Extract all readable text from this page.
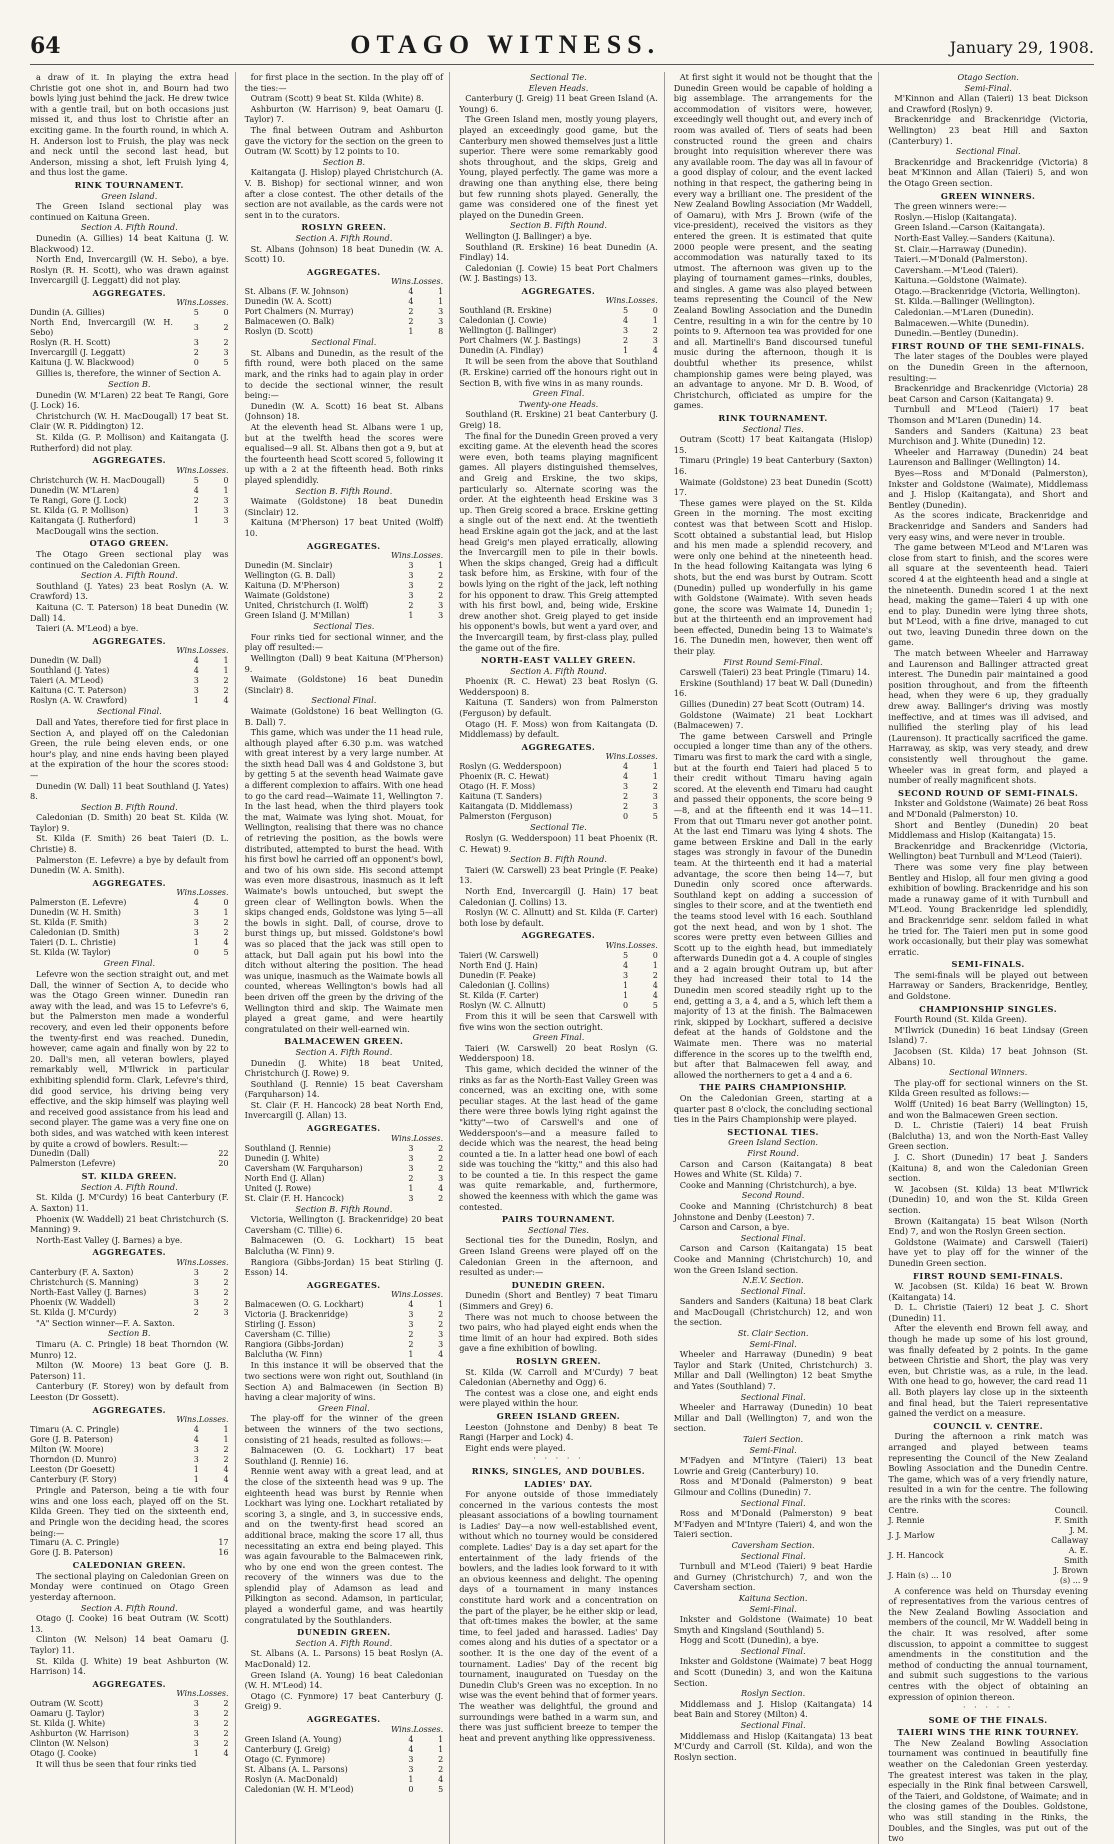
64	OTAGO WITNESS.	January 29, 1908.

a draw of it. In playing the extra head Christie got one shot in, and Bourn had two bowls lying just behind the jack. He drew twice with a gentle trail, but on both occasions just missed it, and thus lost to Christie after an exciting game. In the fourth round, in which A. H. Anderson lost to Fruish, the play was neck and neck until the second last head, but Anderson, missing a shot, left Fruish lying 4, and thus lost the game.

RINK TOURNAMENT.

Green Island.

The Green Island sectional play was continued on Kaituna Green.

Section A. Fifth Round.

Dunedin (A. Gillies) 14 beat Kaituna (J. W. Blackwood) 12.

North End, Invercargill (W. H. Sebo), a bye. Roslyn (R. H. Scott), who was drawn against Invercargill (J. Leggatt) did not play.

AGGREGATES.

	Wins.	Losses.
Dundin (A. Gillies)	5	0
North End, Invercargill (W. H. Sebo)	3	2
Roslyn (R. H. Scott)	3	2
Invercargill (J. Leggatt)	2	3
Kaituna (J. W. Blackwood)	0	5

Gillies is, therefore, the winner of Section A.

Section B.

Dunedin (W. M'Laren) 22 beat Te Rangi, Gore (J. Lock) 16.

Christchurch (W. H. MacDougall) 17 beat St. Clair (W. R. Piddington) 12.

St. Kilda (G. P. Mollison) and Kaitangata (J. Rutherford) did not play.

AGGREGATES.

	Wins.	Losses.
Christchurch (W. H. MacDougall)	5	0
Dunedin (W. M'Laren)	4	1
Te Rangi, Gore (J. Lock)	2	3
St. Kilda (G. P. Mollison)	1	3
Kaitangata (J. Rutherford)	1	3

MacDougall wins the section.

OTAGO GREEN.

The Otago Green sectional play was continued on the Caledonian Green.

Section A. Fifth Round.

Southland (J. Yates) 23 beat Roslyn (A. W. Crawford) 13.

Kaituna (C. T. Paterson) 18 beat Dunedin (W. Dall) 14.

Taieri (A. M'Leod) a bye.

AGGREGATES.

	Wins.	Losses.
Dunedin (W. Dall)	4	1
Southland (J. Yates)	4	1
Taieri (A. M'Leod)	3	2
Kaituna (C. T. Paterson)	3	2
Roslyn (A. W. Crawford)	1	4

Sectional Final.

Dall and Yates, therefore tied for first place in Section A, and played off on the Caledonian Green, the rule being eleven ends, or one hour's play, and nine ends having been played at the expiration of the hour the scores stood:—

Dunedin (W. Dall) 11 beat Southland (J. Yates) 8.

Section B. Fifth Round.

Caledonian (D. Smith) 20 beat St. Kilda (W. Taylor) 9.

St. Kilda (F. Smith) 26 beat Taieri (D. L. Christie) 8.

Palmerston (E. Lefevre) a bye by default from Dunedin (W. A. Smith).

AGGREGATES.

	Wins.	Losses.
Palmerston (E. Lefevre)	4	0
Dunedin (W. H. Smith)	3	1
St. Kilda (F. Smith)	3	2
Caledonian (D. Smith)	3	2
Taieri (D. L. Christie)	1	4
St. Kilda (W. Taylor)	0	5

Green Final.

Lefevre won the section straight out, and met Dall, the winner of Section A, to decide who was the Otago Green winner. Dunedin ran away with the lead, and was 15 to Lefevre's 6, but the Palmerston men made a wonderful recovery, and even led their opponents before the twenty-first end was reached. Dunedin, however, came again and finally won by 22 to 20. Dall's men, all veteran bowlers, played remarkably well, M'Ilwrick in particular exhibiting splendid form. Clark, Lefevre's third, did good service, his driving being very effective, and the skip himself was playing well and received good assistance from his lead and second player. The game was a very fine one on both sides, and was watched with keen interest by quite a crowd of bowlers. Result:—

Dunedin (Dall)		22
Palmerston (Lefevre)		20

ST. KILDA GREEN.

Section A. Fifth Round.

St. Kilda (J. M'Curdy) 16 beat Canterbury (F. A. Saxton) 11.

Phoenix (W. Waddell) 21 beat Christchurch (S. Manning) 9.

North-East Valley (J. Barnes) a bye.

AGGREGATES.

	Wins.	Losses.
Canterbury (F. A. Saxton)	3	2
Christchurch (S. Manning)	3	2
North-East Valley (J. Barnes)	3	2
Phoenix (W. Waddell)	3	2
St. Kilda (J. M'Curdy)	2	3

"A" Section winner—F. A. Saxton.

Section B.

Timaru (A. C. Pringle) 18 beat Thorndon (W. Munro) 12.

Milton (W. Moore) 13 beat Gore (J. B. Paterson) 11.

Canterbury (F. Storey) won by default from Leeston (Dr Gossett).

AGGREGATES.

	Wins.	Losses.
Timaru (A. C. Pringle)	4	1
Gore (J. B. Paterson)	4	1
Milton (W. Moore)	3	2
Thorndon (D. Munro)	3	2
Leeston (Dr Goesett)	1	4
Canterbury (F. Story)	1	4

Pringle and Paterson, being a tie with four wins and one loss each, played off on the St. Kilda Green. They tied on the sixteenth end, and Pringle won the deciding head, the scores being:—

Timaru (A. C. Pringle)		17
Gore (J. B. Paterson)		16

CALEDONIAN GREEN.

The sectional playing on Caledonian Green on Monday were continued on Otago Green yesterday afternoon.

Section A. Fifth Round.

Otago (J. Cooke) 16 beat Outram (W. Scott) 13.

Clinton (W. Nelson) 14 beat Oamaru (J. Taylor) 11.

St. Kilda (J. White) 19 beat Ashburton (W. Harrison) 14.

AGGREGATES.

	Wins.	Losses.
Outram (W. Scott)	3	2
Oamaru (J. Taylor)	3	2
St. Kilda (J. White)	3	2
Ashburton (W. Harrison)	3	2
Clinton (W. Nelson)	3	2
Otago (J. Cooke)	1	4

It will thus be seen that four rinks tied

for first place in the section. In the play off of the ties:—

Outram (Scott) 9 beat St. Kilda (White) 8.

Ashburton (W. Harrison) 9, beat Oamaru (J. Taylor) 7.

The final between Outram and Ashburton gave the victory for the section on the green to Outram (W. Scott) by 12 points to 10.

Section B.

Kaitangata (J. Hislop) played Christchurch (A. V. B. Bishop) for sectional winner, and won after a close contest. The other details of the section are not available, as the cards were not sent in to the curators.

ROSLYN GREEN.

Section A. Fifth Round.

St. Albans (Johnson) 18 beat Dunedin (W. A. Scott) 10.

AGGREGATES.

	Wins.	Losses.
St. Albans (F. W. Johnson)	4	1
Dunedin (W. A. Scott)	4	1
Port Chalmers (N. Murray)	2	3
Balmacewen (O. Balk)	2	3
Roslyn (D. Scott)	1	8

Sectional Final.

St. Albans and Dunedin, as the result of the fifth round, were both placed on the same mark, and the rinks had to again play in order to decide the sectional winner, the result being:—

Dunedin (W. A. Scott) 16 beat St. Albans (Johnson) 18.

At the eleventh head St. Albans were 1 up, but at the twelfth head the scores were equalised—9 all. St. Albans then got a 9, but at the fourteenth head Scott scored 5, following it up with a 2 at the fifteenth head. Both rinks played splendidly.

Section B. Fifth Round.

Waimate (Goldstone) 18 beat Dunedin (Sinclair) 12.

Kaituna (M'Pherson) 17 beat United (Wolff) 10.

AGGREGATES.

	Wins.	Losses.
Dunedin (M. Sinclair)	3	1
Wellington (G. B. Dall)	3	2
Kaituna (D. M'Pherson)	3	2
Waimate (Goldstone)	3	2
United, Christchurch (I. Wolff)	2	3
Green Island (J. M'Millan)	1	3

Sectional Ties.

Four rinks tied for sectional winner, and the play off resulted:—

Wellington (Dall) 9 beat Kaituna (M'Pherson) 9.

Waimate (Goldstone) 16 beat Dunedin (Sinclair) 8.

Sectional Final.

Waimate (Goldstone) 16 beat Wellington (G. B. Dall) 7.

This game, which was under the 11 head rule, although played after 6.30 p.m. was watched with great interest by a very large number. At the sixth head Dall was 4 and Goldstone 3, but by getting 5 at the seventh head Waimate gave a different complexion to affairs. With one head to go the card read—Waimate 11, Wellington 7. In the last head, when the third players took the mat, Waimate was lying shot. Mouat, for Wellington, realising that there was no chance of retrieving the position, as the bowls were distributed, attempted to burst the head. With his first bowl he carried off an opponent's bowl, and two of his own side. His second attempt was even more disastrous, inasmuch as it left Waimate's bowls untouched, but swept the green clear of Wellington bowls. When the skips changed ends, Goldstone was lying 5—all the bowls in sight. Dall, of course, drove to burst things up, but missed. Goldstone's bowl was so placed that the jack was still open to attack, but Dall again put his bowl into the ditch without altering the position. The head was unique, inasmuch as the Waimate bowls all counted, whereas Wellington's bowls had all been driven off the green by the driving of the Wellington third and skip. The Waimate men played a great game, and were heartily congratulated on their well-earned win.

BALMACEWEN GREEN.

Section A. Fifth Round.

Dunedin (J. White) 18 beat United, Christchurch (J. Rowe) 9.

Southland (J. Rennie) 15 beat Caversham (Farquharson) 14.

St. Clair (F. H. Hancock) 28 beat North End, Invercargill (J. Allan) 13.

AGGREGATES.

	Wins.	Losses.
Southland (J. Rennie)	3	2
Dunedin (J. White)	3	2
Caversham (W. Farquharson)	3	2
North End (J. Allan)	2	3
United (J. Rowe)	1	4
St. Clair (F. H. Hancock)	3	2

Section B. Fifth Round.

Victoria, Wellington (J. Brackenridge) 20 beat Caversham (C. Tillie) 6.

Balmacewen (O. G. Lockhart) 15 beat Balclutha (W. Finn) 9.

Rangiora (Gibbs-Jordan) 15 beat Stirling (J. Esson) 14.

AGGREGATES.

	Wins.	Losses.
Balmacewen (O. G. Lockhart)	4	1
Victoria (J. Brackenridge)	3	2
Stirling (J. Esson)	3	2
Caversham (C. Tillie)	2	3
Rangiora (Gibbs-Jordan)	2	3
Balclutha (W. Finn)	1	4

In this instance it will be observed that the two sections were won right out, Southland (in Section A) and Balmacewen (in Section B) having a clear majority of wins.

Green Final.

The play-off for the winner of the green between the winners of the two sections, consisting of 21 heads, resulted as follows:—

Balmacewen (O. G. Lockhart) 17 beat Southland (J. Rennie) 16.

Rennie went away with a great lead, and at the close of the sixteenth head was 9 up. The eighteenth head was burst by Rennie when Lockhart was lying one. Lockhart retaliated by scoring 3, a single, and 3, in successive ends, and on the twenty-first head scored an additional brace, making the score 17 all, thus necessitating an extra end being played. This was again favourable to the Balmacewen rink, who by one end won the green contest. The recovery of the winners was due to the splendid play of Adamson as lead and Pilkington as second. Adamson, in particular, played a wonderful game, and was heartily congratulated by the Southlanders.

DUNEDIN GREEN.

Section A. Fifth Round.

St. Albans (A. L. Parsons) 15 beat Roslyn (A. MacDonald) 12.

Green Island (A. Young) 16 beat Caledonian (W. H. M'Leod) 14.

Otago (C. Fynmore) 17 beat Canterbury (J. Greig) 9.

AGGREGATES.

	Wins.	Losses.
Green Island (A. Young)	4	1
Canterbury (J. Greig)	4	1
Otago (C. Fynmore)	3	2
St. Albans (A. L. Parsons)	3	2
Roslyn (A. MacDonald)	1	4
Caledonian (W. H. M'Leod)	0	5

Sectional Tie.

Eleven Heads.

Canterbury (J. Greig) 11 beat Green Island (A. Young) 6.

The Green Island men, mostly young players, played an exceedingly good game, but the Canterbury men showed themselves just a little superior. There were some remarkably good shots throughout, and the skips, Greig and Young, played perfectly. The game was more a drawing one than anything else, there being but few running shots played. Generally, the game was considered one of the finest yet played on the Dunedin Green.

Section B. Fifth Round.

Wellington (J. Ballinger) a bye.

Southland (R. Erskine) 16 beat Dunedin (A. Findlay) 14.

Caledonian (J. Cowie) 15 beat Port Chalmers (W. J. Bastings) 13.

AGGREGATES.

	Wins.	Losses.
Southland (R. Erskine)	5	0
Caledonian (J. Cowie)	4	1
Wellington (J. Ballinger)	3	2
Port Chalmers (W. J. Bastings)	2	3
Dunedin (A. Findlay)	1	4

It will be seen from the above that Southland (R. Erskine) carried off the honours right out in Section B, with five wins in as many rounds.

Green Final.

Twenty-one Heads.

Southland (R. Erskine) 21 beat Canterbury (J. Greig) 18.

The final for the Dunedin Green proved a very exciting game. At the eleventh head the scores were even, both teams playing magnificent games. All players distinguished themselves, and Greig and Erskine, the two skips, particularly so. Alternate scoring was the order. At the eighteenth head Erskine was 3 up. Then Greig scored a brace. Erskine getting a single out of the next end. At the twentieth head Erskine again got the jack, and at the last head Greig's men played erratically, allowing the Invercargill men to pile in their bowls. When the skips changed, Greig had a difficult task before him, as Erskine, with four of the bowls lying on the right of the jack, left nothing for his opponent to draw. This Greig attempted with his first bowl, and, being wide, Erskine drew another shot. Greig played to get inside his opponent's bowls, but went a yard over, and the Invercargill team, by first-class play, pulled the game out of the fire.

NORTH-EAST VALLEY GREEN.

Section A. Fifth Round.

Phoenix (R. C. Hewat) 23 beat Roslyn (G. Wedderspoon) 8.

Kaituna (T. Sanders) won from Palmerston (Ferguson) by default.

Otago (H. F. Moss) won from Kaitangata (D. Middlemass) by default.

AGGREGATES.

	Wins.	Losses.
Roslyn (G. Wedderspoon)	4	1
Phoenix (R. C. Hewat)	4	1
Otago (H. F. Moss)	3	2
Kaituna (T. Sanders)	2	3
Kaitangata (D. Middlemass)	2	3
Palmerston (Ferguson)	0	5

Sectional Tie.

Roslyn (G. Wedderspoon) 11 beat Phoenix (R. C. Hewat) 9.

Section B. Fifth Round.

Taieri (W. Carswell) 23 beat Pringle (F. Peake) 13.

North End, Invercargill (J. Hain) 17 beat Caledonian (J. Collins) 13.

Roslyn (W. C. Allnutt) and St. Kilda (F. Carter) both lose by default.

AGGREGATES.

	Wins.	Losses.
Taieri (W. Carswell)	5	0
North End (J. Hain)	4	1
Dunedin (F. Peake)	3	2
Caledonian (J. Collins)	1	4
St. Kilda (F. Carter)	1	4
Roslyn (W. C. Allnutt)	0	5

From this it will be seen that Carswell with five wins won the section outright.

Green Final.

Taieri (W. Carswell) 20 beat Roslyn (G. Wedderspoon) 18.

This game, which decided the winner of the rinks as far as the North-East Valley Green was concerned, was an exciting one, with some peculiar stages. At the last head of the game there were three bowls lying right against the "kitty"—two of Carswell's and one of Wedderspoon's—and a measure failed to decide which was the nearest, the head being counted a tie. In a latter head one bowl of each side was touching the "kitty," and this also had to be counted a tie. In this respect the game was quite remarkable, and, furthermore, showed the keenness with which the game was contested.

PAIRS TOURNAMENT.

Sectional Ties.

Sectional ties for the Dunedin, Roslyn, and Green Island Greens were played off on the Caledonian Green in the afternoon, and resulted as under:—

DUNEDIN GREEN.

Dunedin (Short and Bentley) 7 beat Timaru (Simmers and Grey) 6.

There was not much to choose between the two pairs, who had played eight ends when the time limit of an hour had expired. Both sides gave a fine exhibition of bowling.

ROSLYN GREEN.

St. Kilda (W. Carroll and M'Curdy) 7 beat Caledonian (Abernethy and Ogg) 6.

The contest was a close one, and eight ends were played within the hour.

GREEN ISLAND GREEN.

Leeston (Johnstone and Denby) 8 beat Te Rangi (Harper and Lock) 4.

Eight ends were played.

· · · · ·

RINKS, SINGLES, AND DOUBLES.

LADIES' DAY.

For anyone outside of those immediately concerned in the various contests the most pleasant associations of a bowling tournament is Ladies' Day—a now well-established event, without which no tourney would be considered complete. Ladies' Day is a day set apart for the entertainment of the lady friends of the bowlers, and the ladies look forward to it with an obvious keenness and delight. The opening days of a tournament in many instances constitute hard work and a concentration on the part of the player, be he either skip or lead, that oft-times makes the bowler, at the same time, to feel jaded and harassed. Ladies' Day comes along and his duties of a spectator or a soother. It is the one day of the event of a tournament. Ladies' Day of the recent big tournament, inaugurated on Tuesday on the Dunedin Club's Green was no exception. In no wise was the event behind that of former years. The weather was delightful, the ground and surroundings were bathed in a warm sun, and there was just sufficient breeze to temper the heat and prevent anything like oppressiveness.

At first sight it would not be thought that the Dunedin Green would be capable of holding a big assemblage. The arrangements for the accommodation of visitors were, however, exceedingly well thought out, and every inch of room was availed of. Tiers of seats had been constructed round the green and chairs brought into requisition wherever there was any available room. The day was all in favour of a good display of colour, and the event lacked nothing in that respect, the gathering being in every way a brilliant one. The president of the New Zealand Bowling Association (Mr Waddell, of Oamaru), with Mrs J. Brown (wife of the vice-president), received the visitors as they entered the green. It is estimated that quite 2000 people were present, and the seating accommodation was naturally taxed to its utmost. The afternoon was given up to the playing of tournament games—rinks, doubles, and singles. A game was also played between teams representing the Council of the New Zealand Bowling Association and the Dunedin Centre, resulting in a win for the centre by 10 points to 9. Afternoon tea was provided for one and all. Martinelli's Band discoursed tuneful music during the afternoon, though it is doubtful whether its presence, whilst championship games were being played, was an advantage to anyone. Mr D. B. Wood, of Christchurch, officiated as umpire for the games.

RINK TOURNAMENT.

Sectional Ties.

Outram (Scott) 17 beat Kaitangata (Hislop) 15.

Timaru (Pringle) 19 beat Canterbury (Saxton) 16.

Waimate (Goldstone) 23 beat Dunedin (Scott) 17.

These games were played on the St. Kilda Green in the morning. The most exciting contest was that between Scott and Hislop. Scott obtained a substantial lead, but Hislop and his men made a splendid recovery, and were only one behind at the nineteenth head. In the head following Kaitangata was lying 6 shots, but the end was burst by Outram. Scott (Dunedin) pulled up wonderfully in his game with Goldstone (Waimate). With seven heads gone, the score was Waimate 14, Dunedin 1; but at the thirteenth end an improvement had been effected, Dunedin being 13 to Waimate's 16. The Dunedin men, however, then went off their play.

First Round Semi-Final.

Carswell (Taieri) 23 beat Pringle (Timaru) 14.

Erskine (Southland) 17 beat W. Dall (Dunedin) 16.

Gillies (Dunedin) 27 beat Scott (Outram) 14.

Goldstone (Waimate) 21 beat Lockhart (Balmacewen) 7.

The game between Carswell and Pringle occupied a longer time than any of the others. Timaru was first to mark the card with a single, but at the fourth end Taieri had placed 5 to their credit without Timaru having again scored. At the eleventh end Timaru had caught and passed their opponents, the score being 9—8, and at the fifteenth end it was 14—11. From that out Timaru never got another point. At the last end Timaru was lying 4 shots. The game between Erskine and Dall in the early stages was strongly in favour of the Dunedin team. At the thirteenth end it had a material advantage, the score then being 14—7, but Dunedin only scored once afterwards. Southland kept on adding a succession of singles to their score, and at the twentieth end the teams stood level with 16 each. Southland got the next head, and won by 1 shot. The scores were pretty even between Gillies and Scott up to the eighth head, but immediately afterwards Dunedin got a 4. A couple of singles and a 2 again brought Outram up, but after they had increased their total to 14 the Dunedin men scored steadily right up to the end, getting a 3, a 4, and a 5, which left them a majority of 13 at the finish. The Balmacewen rink, skipped by Lockhart, suffered a decisive defeat at the hands of Goldstone and the Waimate men. There was no material difference in the scores up to the twelfth end, but after that Balmacewen fell away, and allowed the northerners to get a 4 and a 6.

THE PAIRS CHAMPIONSHIP.

On the Caledonian Green, starting at a quarter past 8 o'clock, the concluding sectional ties in the Pairs Championship were played.

SECTIONAL TIES.

Green Island Section.

First Round.

Carson and Carson (Kaitangata) 8 beat Howes and White (St. Kilda) 7.

Cooke and Manning (Christchurch), a bye.

Second Round.

Cooke and Manning (Christchurch) 8 beat Johnstone and Denby (Leeston) 7.

Carson and Carson, a bye.

Sectional Final.

Carson and Carson (Kaitangata) 15 beat Cooke and Manning (Christchurch) 10, and won the Green Island section.

N.E.V. Section.

Sectional Final.

Sanders and Sanders (Kaituna) 18 beat Clark and MacDougall (Christchurch) 12, and won the section.

St. Clair Section.

Semi-Final.

Wheeler and Harraway (Dunedin) 9 beat Taylor and Stark (United, Christchurch) 3. Millar and Dall (Wellington) 12 beat Smythe and Yates (Southland) 7.

Sectional Final.

Wheeler and Harraway (Dunedin) 10 beat Millar and Dall (Wellington) 7, and won the section.

Taieri Section.

Semi-Final.

M'Fadyen and M'Intyre (Taieri) 13 beat Lowrie and Greig (Canterbury) 10.

Ross and M'Donald (Palmerston) 9 beat Gilmour and Collins (Dunedin) 7.

Sectional Final.

Ross and M'Donald (Palmerston) 9 beat M'Fadyen and M'Intyre (Taieri) 4, and won the Taieri section.

Caversham Section.

Sectional Final.

Turnbull and M'Leod (Taieri) 9 beat Hardie and Gurney (Christchurch) 7, and won the Caversham section.

Kaituna Section.

Semi-Final.

Inkster and Goldstone (Waimate) 10 beat Smyth and Kingsland (Southland) 5.

Hogg and Scott (Dunedin), a bye.

Sectional Final.

Inkster and Goldstone (Waimate) 7 beat Hogg and Scott (Dunedin) 3, and won the Kaituna Section.

Roslyn Section.

Middlemass and J. Hislop (Kaitangata) 14 beat Bain and Storey (Milton) 4.

Sectional Final.

Middlemass and Hislop (Kaitangata) 13 beat M'Curdy and Carroll (St. Kilda), and won the Roslyn section.

Otago Section.

Semi-Final.

M'Kinnon and Allan (Taieri) 13 beat Dickson and Crawford (Roslyn) 9.

Brackenridge and Brackenridge (Victoria, Wellington) 23 beat Hill and Saxton (Canterbury) 1.

Sectional Final.

Brackenridge and Brackenridge (Victoria) 8 beat M'Kinnon and Allan (Taieri) 5, and won the Otago Green section.

GREEN WINNERS.

The green winners were:—

Roslyn.—Hislop (Kaitangata).

Green Island.—Carson (Kaitangata).

North-East Valley.—Sanders (Kaituna).

St. Clair.—Harraway (Dunedin).

Taieri.—M'Donald (Palmerston).

Caversham.—M'Leod (Taieri).

Kaituna.—Goldstone (Waimate).

Otago.—Brackenridge (Victoria, Wellington).

St. Kilda.—Ballinger (Wellington).

Caledonian.—M'Laren (Dunedin).

Balmacewen.—White (Dunedin).

Dunedin.—Bentley (Dunedin).

FIRST ROUND OF THE SEMI-FINALS.

The later stages of the Doubles were played on the Dunedin Green in the afternoon, resulting:—

Brackenridge and Brackenridge (Victoria) 28 beat Carson and Carson (Kaitangata) 9.

Turnbull and M'Leod (Taieri) 17 beat Thomson and M'Laren (Dunedin) 14.

Sanders and Sanders (Kaituna) 23 beat Murchison and J. White (Dunedin) 12.

Wheeler and Harraway (Dunedin) 24 beat Laurenson and Ballinger (Wellington) 14.

Byes—Ross and M'Donald (Palmerston), Inkster and Goldstone (Waimate), Middlemass and J. Hislop (Kaitangata), and Short and Bentley (Dunedin).

As the scores indicate, Brackenridge and Brackenridge and Sanders and Sanders had very easy wins, and were never in trouble.

The game between M'Leod and M'Laren was close from start to finish, and the scores were all square at the seventeenth head. Taieri scored 4 at the eighteenth head and a single at the nineteenth. Dunedin scored 1 at the next head, making the game—Taieri 4 up with one end to play. Dunedin were lying three shots, but M'Leod, with a fine drive, managed to cut out two, leaving Dunedin three down on the game.

The match between Wheeler and Harraway and Laurenson and Ballinger attracted great interest. The Dunedin pair maintained a good position throughout, and from the fifteenth head, when they were 6 up, they gradually drew away. Ballinger's driving was mostly ineffective, and at times was ill advised, and nullified the sterling play of his lead (Laurenson). It practically sacrificed the game. Harraway, as skip, was very steady, and drew consistently well throughout the game. Wheeler was in great form, and played a number of really magnificent shots.

SECOND ROUND OF SEMI-FINALS.

Inkster and Goldstone (Waimate) 26 beat Ross and M'Donald (Palmerston) 10.

Short and Bentley (Dunedin) 20 beat Middlemass and Hislop (Kaitangata) 15.

Brackenridge and Brackenridge (Victoria, Wellington) beat Turnbull and M'Leod (Taieri).

There was some very fine play between Bentley and Hislop, all four men giving a good exhibition of bowling. Brackenridge and his son made a runaway game of it with Turnbull and M'Leod. Young Brackenridge led splendidly, and Brackenridge senr. seldom failed in what he tried for. The Taieri men put in some good work occasionally, but their play was somewhat erratic.

SEMI-FINALS.

The semi-finals will be played out between Harraway or Sanders, Brackenridge, Bentley, and Goldstone.

CHAMPIONSHIP SINGLES.

Fourth Round (St. Kilda Green).

M'Ilwrick (Dunedin) 16 beat Lindsay (Green Island) 7.

Jacobsen (St. Kilda) 17 beat Johnson (St. Albans) 10.

Sectional Winners.

The play-off for sectional winners on the St. Kilda Green resulted as follows:—

Wolff (United) 16 beat Barry (Wellington) 15, and won the Balmacewen Green section.

D. L. Christie (Taieri) 14 beat Fruish (Balclutha) 13, and won the North-East Valley Green section.

J. C. Short (Dunedin) 17 beat J. Sanders (Kaituna) 8, and won the Caledonian Green section.

W. Jacobsen (St. Kilda) 13 beat M'Ilwrick (Dunedin) 10, and won the St. Kilda Green section.

Brown (Kaitangata) 15 beat Wilson (North End) 7, and won the Roslyn Green section.

Goldstone (Waimate) and Carswell (Taieri) have yet to play off for the winner of the Dunedin Green section.

FIRST ROUND SEMI-FINALS.

W. Jacobsen (St. Kilda) 16 beat W. Brown (Kaitangata) 14.

D. L. Christie (Taieri) 12 beat J. C. Short (Dunedin) 11.

After the eleventh end Brown fell away, and though he made up some of his lost ground, was finally defeated by 2 points. In the game between Christie and Short, the play was very even, but Christie was, as a rule, in the lead. With one head to go, however, the card read 11 all. Both players lay close up in the sixteenth and final head, but the Taieri representative gained the verdict on a measure.

COUNCIL v. CENTRE.

During the afternoon a rink match was arranged and played between teams representing the Council of the New Zealand Bowling Association and the Dunedin Centre. The game, which was of a very friendly nature, resulted in a win for the centre. The following are the rinks with the scores:

Centre.		Council.
J. Rennie		F. Smith
J. J. Marlow		J. M. Callaway
J. H. Hancock		A. E. Smith
J. Hain (s) ... 10		J. Brown (s) ... 9

A conference was held on Thursday evening of representatives from the various centres of the New Zealand Bowling Association and members of the council, Mr W. Waddell being in the chair. It was resolved, after some discussion, to appoint a committee to suggest amendments in the constitution and the method of conducting the annual tournament, and submit such suggestions to the various centres with the object of obtaining an expression of opinion thereon.

· · · · ·

SOME OF THE FINALS.

TAIERI WINS THE RINK TOURNEY.

The New Zealand Bowling Association tournament was continued in beautifully fine weather on the Caledonian Green yesterday. The greatest interest was taken in the play, especially in the Rink final between Carswell, of the Taieri, and Goldstone, of Waimate; and in the closing games of the Doubles. Goldstone, who was still standing in the Rinks, the Doubles, and the Singles, was put out of the two
